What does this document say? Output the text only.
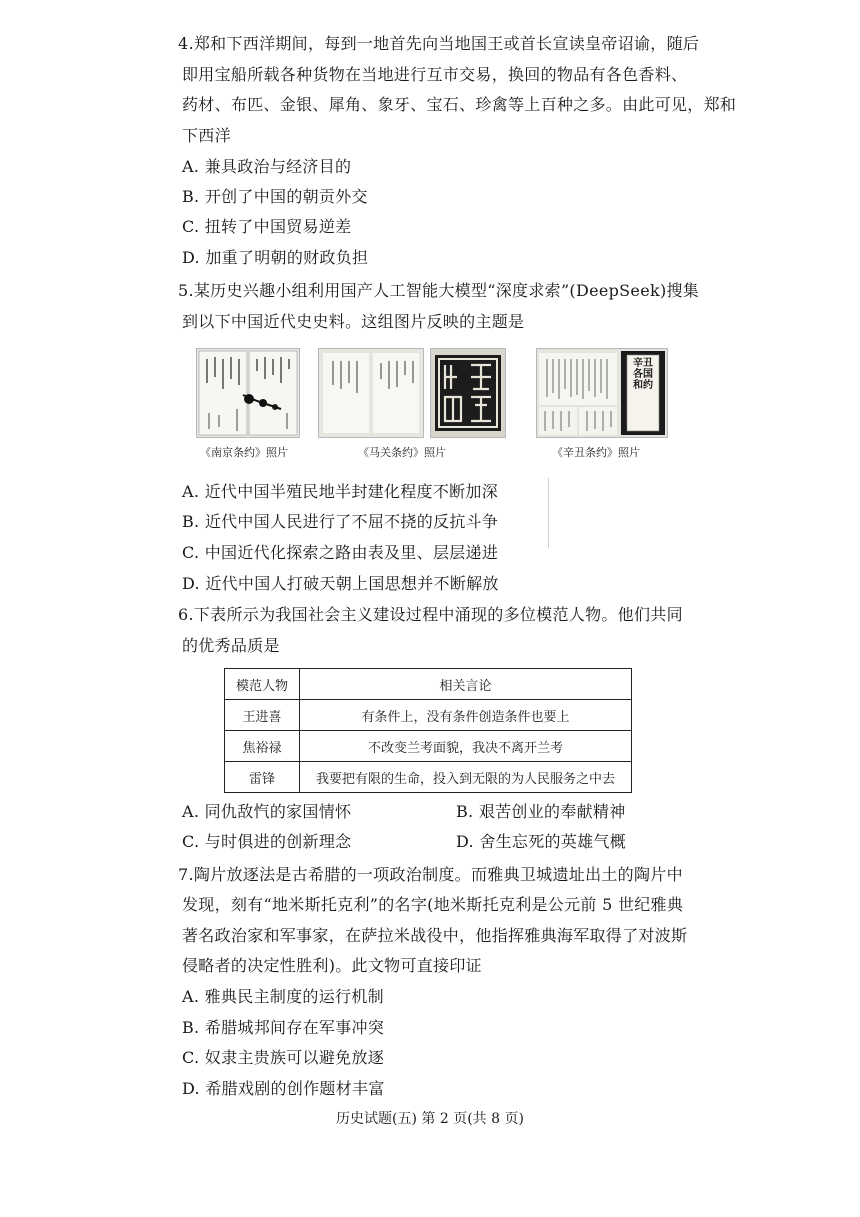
4.郑和下西洋期间，每到一地首先向当地国王或首长宣读皇帝诏谕，随后
即用宝船所载各种货物在当地进行互市交易，换回的物品有各色香料、
药材、布匹、金银、犀角、象牙、宝石、珍禽等上百种之多。由此可见，郑和
下西洋
A. 兼具政治与经济目的
B. 开创了中国的朝贡外交
C. 扭转了中国贸易逆差
D. 加重了明朝的财政负担
5.某历史兴趣小组利用国产人工智能大模型“深度求索”(DeepSeek)搜集
到以下中国近代史史料。这组图片反映的主题是
《南京条约》照片	《马关条约》照片
辛丑各国和约
《辛丑条约》照片
A. 近代中国半殖民地半封建化程度不断加深
B. 近代中国人民进行了不屈不挠的反抗斗争
C. 中国近代化探索之路由表及里、层层递进
D. 近代中国人打破天朝上国思想并不断解放
6.下表所示为我国社会主义建设过程中涌现的多位模范人物。他们共同
的优秀品质是
模范人物	相关言论
王进喜	有条件上，没有条件创造条件也要上
焦裕禄	不改变兰考面貌，我决不离开兰考
雷锋	我要把有限的生命，投入到无限的为人民服务之中去
A. 同仇敌忾的家国情怀	B. 艰苦创业的奉献精神
C. 与时俱进的创新理念	D. 舍生忘死的英雄气概
7.陶片放逐法是古希腊的一项政治制度。而雅典卫城遗址出土的陶片中
发现，刻有“地米斯托克利”的名字(地米斯托克利是公元前 5 世纪雅典
著名政治家和军事家，在萨拉米战役中，他指挥雅典海军取得了对波斯
侵略者的决定性胜利)。此文物可直接印证
A. 雅典民主制度的运行机制
B. 希腊城邦间存在军事冲突
C. 奴隶主贵族可以避免放逐
D. 希腊戏剧的创作题材丰富
历史试题(五) 第 2 页(共 8 页)
